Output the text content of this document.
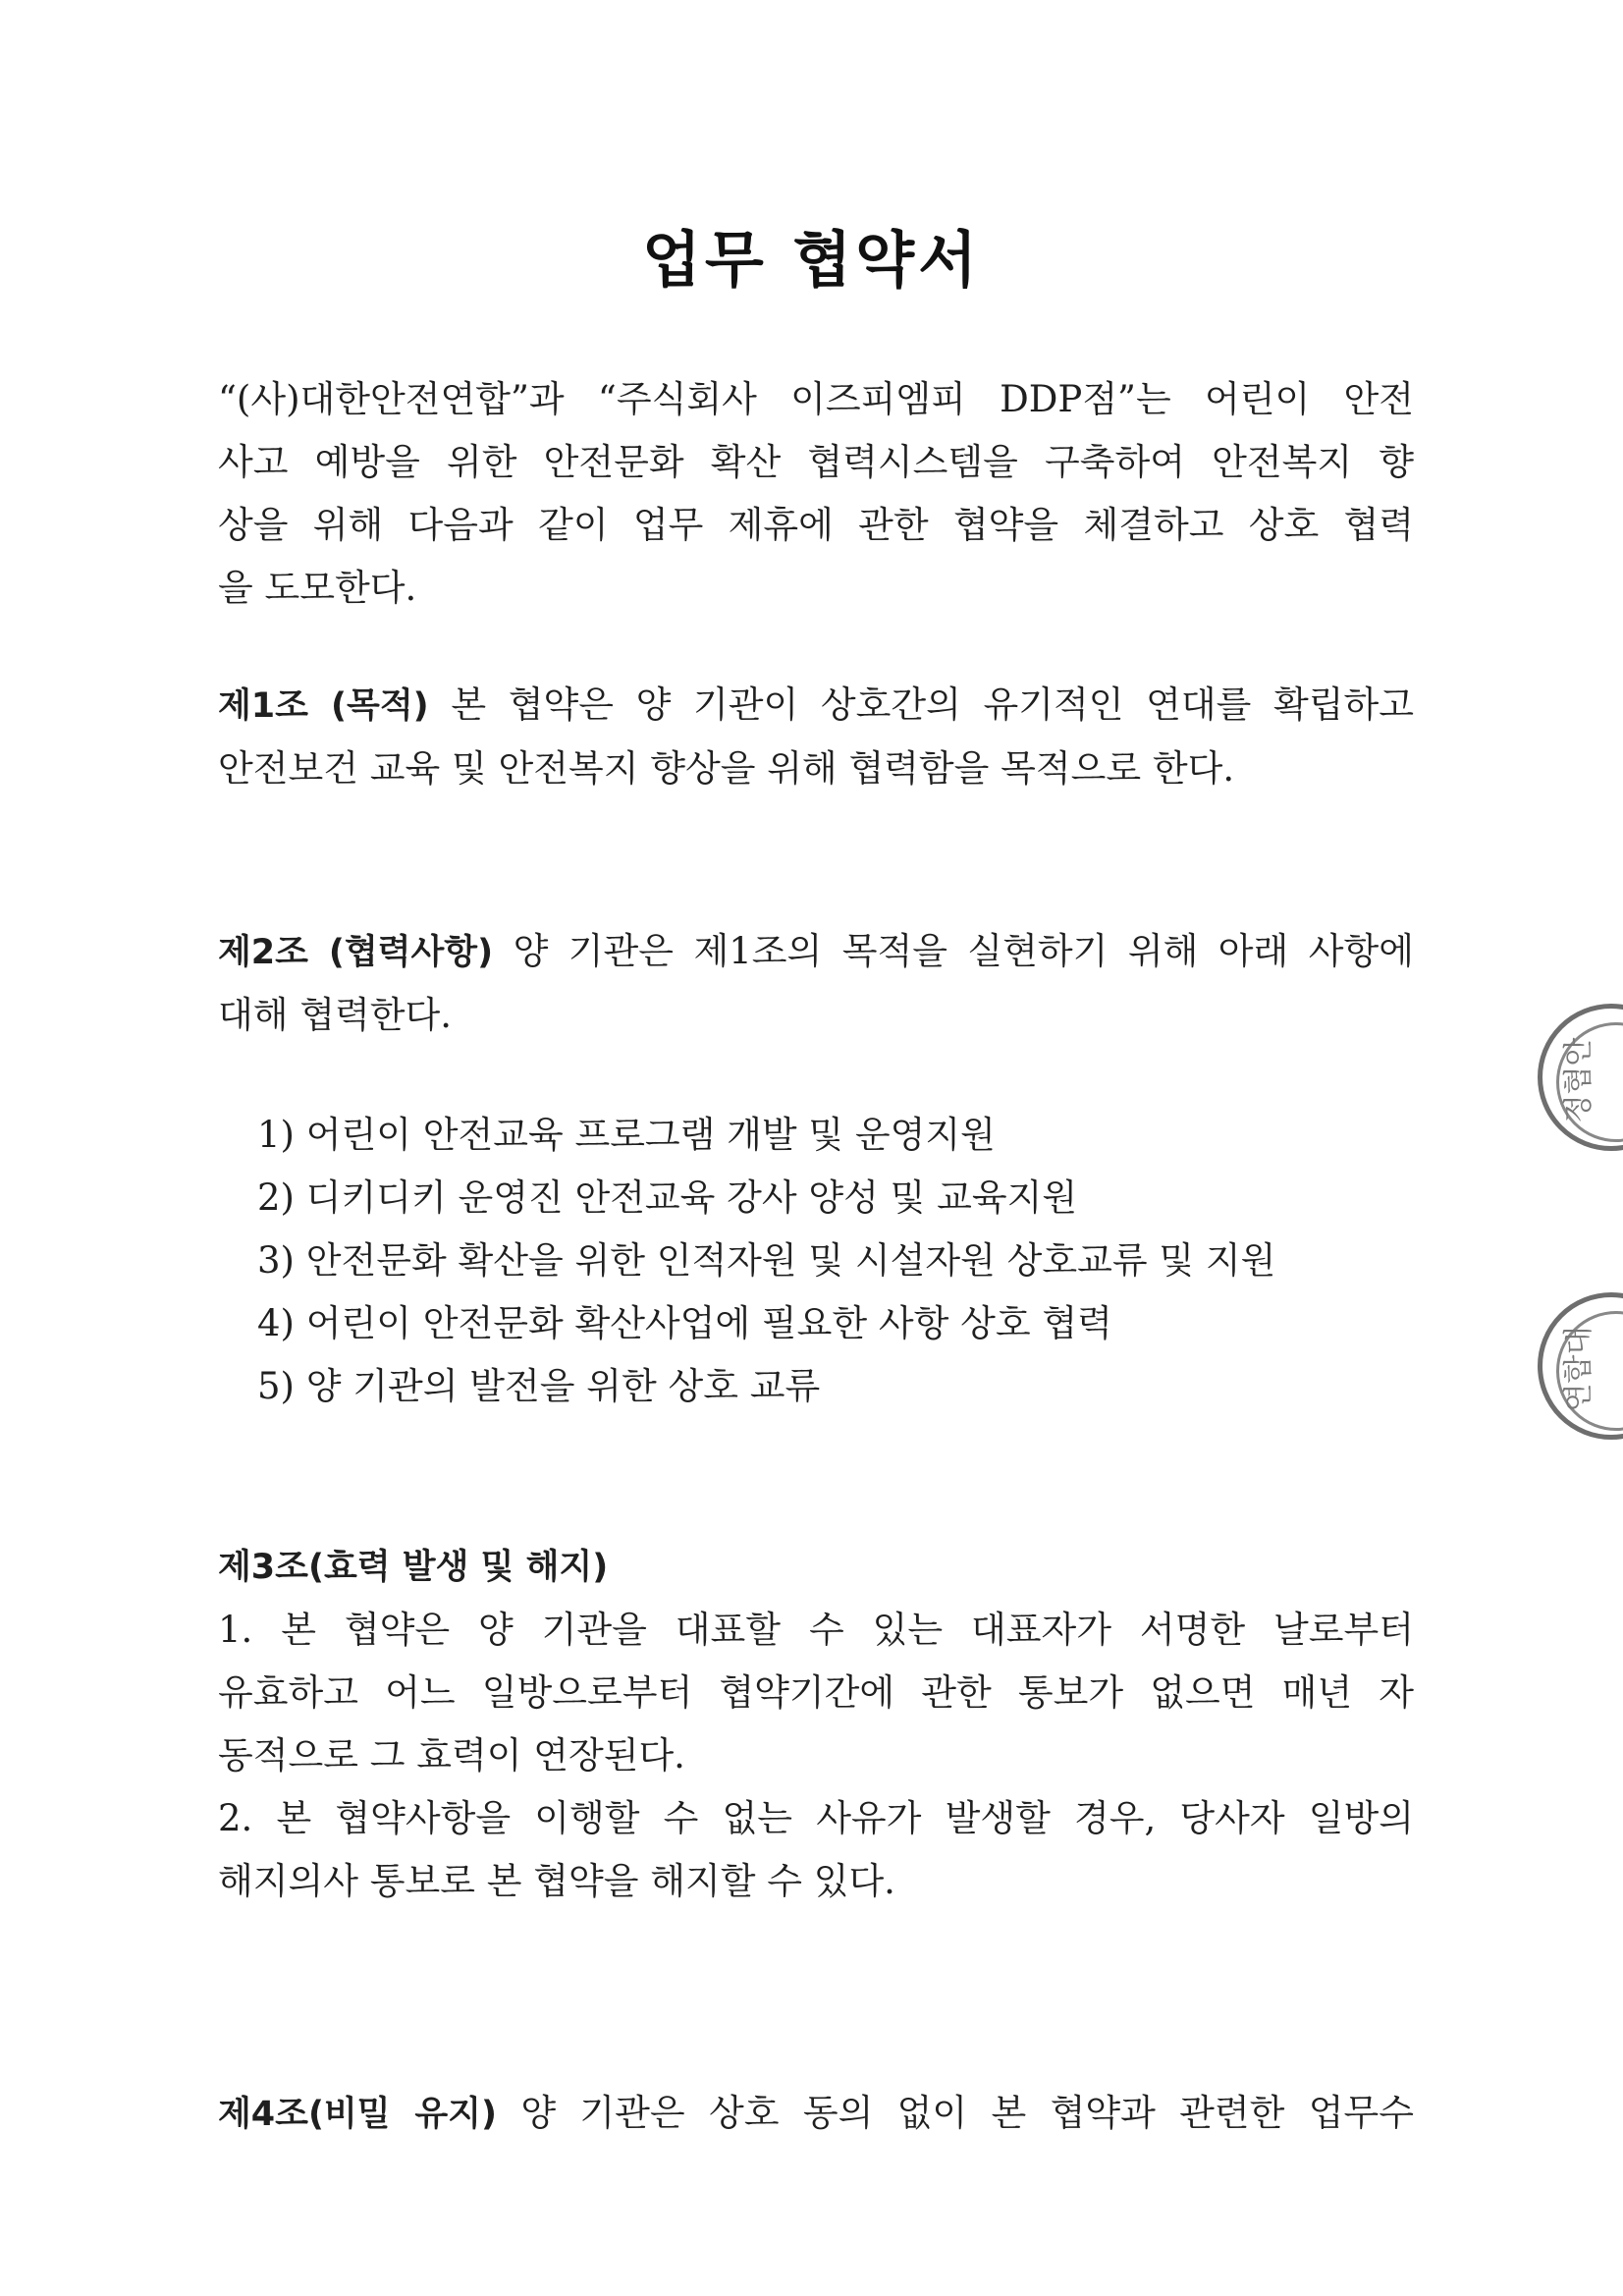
업무 협약서
“(사)대한안전연합”과 “주식회사 이즈피엠피 DDP점”는 어린이 안전
사고 예방을 위한 안전문화 확산 협력시스템을 구축하여 안전복지 향
상을 위해 다음과 같이 업무 제휴에 관한 협약을 체결하고 상호 협력
을 도모한다.
제1조 (목적) 본 협약은 양 기관이 상호간의 유기적인 연대를 확립하고
안전보건 교육 및 안전복지 향상을 위해 협력함을 목적으로 한다.
제2조 (협력사항) 양 기관은 제1조의 목적을 실현하기 위해 아래 사항에
대해 협력한다.
1) 어린이 안전교육 프로그램 개발 및 운영지원
2) 디키디키 운영진 안전교육 강사 양성 및 교육지원
3) 안전문화 확산을 위한 인적자원 및 시설자원 상호교류 및 지원
4) 어린이 안전문화 확산사업에 필요한 사항 상호 협력
5) 양 기관의 발전을 위한 상호 교류
제3조(효력 발생 및 해지)
1. 본 협약은 양 기관을 대표할 수 있는 대표자가 서명한 날로부터
유효하고 어느 일방으로부터 협약기간에 관한 통보가 없으면 매년 자
동적으로 그 효력이 연장된다.
2. 본 협약사항을 이행할 수 없는 사유가 발생할 경우, 당사자 일방의
해지의사 통보로 본 협약을 해지할 수 있다.
제4조(비밀 유지) 양 기관은 상호 동의 없이 본 협약과 관련한 업무수
정협안
연합대
